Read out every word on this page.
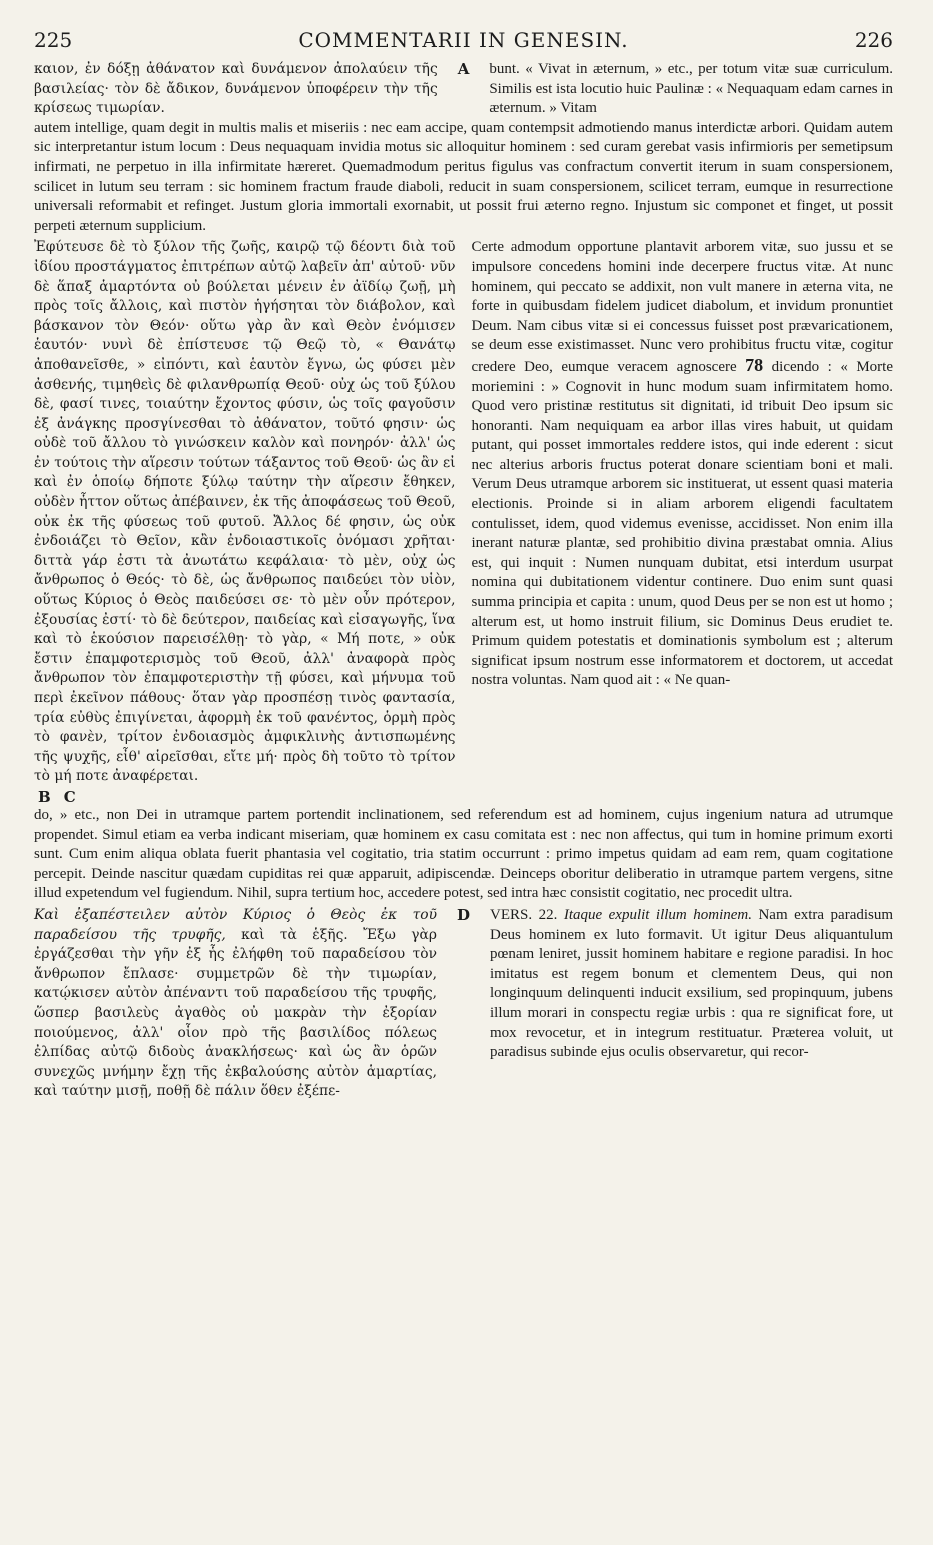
225	COMMENTARII IN GENESIN.	226

καιον, ἐν δόξῃ ἀθάνατον καὶ δυνάμενον ἀπολαύειν τῆς βασιλείας· τὸν δὲ ἄδικον, δυνάμενον ὑποφέρειν τὴν τῆς κρίσεως τιμωρίαν.

A bunt. « Vivat in æternum, » etc., per totum vitæ suæ curriculum. Similis est ista locutio huic Paulinæ : « Nequaquam edam carnes in æternum. » Vitam

autem intellige, quam degit in multis malis et miseriis : nec eam accipe, quam contempsit admotiendo manus interdictæ arbori. Quidam autem sic interpretantur istum locum : Deus nequaquam invidia motus sic alloquitur hominem : sed curam gerebat vasis infirmioris per semetipsum infirmati, ne perpetuo in illa infirmitate hæreret. Quemadmodum peritus figulus vas confractum convertit iterum in suam conspersionem, scilicet in lutum seu terram : sic hominem fractum fraude diaboli, reducit in suam conspersionem, scilicet terram, eumque in resurrectione universali reformabit et refinget. Justum gloria immortali exornabit, ut possit frui æterno regno. Injustum sic componet et finget, ut possit perpeti æternum supplicium.

Ἐφύτευσε δὲ τὸ ξύλον τῆς ζωῆς, καιρῷ τῷ δέοντι διὰ τοῦ ἰδίου προστάγματος ἐπιτρέπων αὐτῷ λαβεῖν ἀπ' αὐτοῦ· νῦν δὲ ἅπαξ ἁμαρτόντα οὐ βούλεται μένειν ἐν ἀϊδίῳ ζωῇ, μὴ πρὸς τοῖς ἄλλοις, καὶ πιστὸν ἡγήσηται τὸν διάβολον, καὶ βάσκανον τὸν Θεόν· οὕτω γὰρ ἂν καὶ Θεὸν ἐνόμισεν ἑαυτόν· νυνὶ δὲ ἐπίστευσε τῷ Θεῷ τὸ, « Θανάτῳ ἀποθανεῖσθε, » εἰπόντι, καὶ ἑαυτὸν ἔγνω, ὡς φύσει μὲν ἀσθενής, τιμηθεὶς δὲ φιλανθρωπίᾳ Θεοῦ· οὐχ ὡς τοῦ ξύλου δὲ, φασί τινες, τοιαύτην ἔχοντος φύσιν, ὡς τοῖς φαγοῦσιν ἐξ ἀνάγκης προσγίνεσθαι τὸ ἀθάνατον, τοῦτό φησιν· ὡς οὐδὲ τοῦ ἄλλου τὸ γινώσκειν καλὸν καὶ πονηρόν· ἀλλ' ὡς ἐν τούτοις τὴν αἵρεσιν τούτων τάξαντος τοῦ Θεοῦ· ὡς ἂν εἰ καὶ ἐν ὁποίῳ δήποτε ξύλῳ ταύτην τὴν αἵρεσιν ἔθηκεν, οὐδὲν ἧττον οὕτως ἀπέβαινεν, ἐκ τῆς ἀποφάσεως τοῦ Θεοῦ, οὐκ ἐκ τῆς φύσεως τοῦ φυτοῦ. Ἄλλος δέ φησιν, ὡς οὐκ ἐνδοιάζει τὸ Θεῖον, κἂν ἐνδοιαστικοῖς ὀνόμασι χρῆται· διττὰ γάρ ἐστι τὰ ἀνωτάτω κεφάλαια· τὸ μὲν, οὐχ ὡς ἄνθρωπος ὁ Θεός· τὸ δὲ, ὡς ἄνθρωπος παιδεύει τὸν υἱὸν, οὕτως Κύριος ὁ Θεὸς παιδεύσει σε· τὸ μὲν οὖν πρότερον, ἐξουσίας ἐστί· τὸ δὲ δεύτερον, παιδείας καὶ εἰσαγωγῆς, ἵνα καὶ τὸ ἑκούσιον παρεισέλθῃ· τὸ γὰρ, « Μή ποτε, » οὐκ ἔστιν ἐπαμφοτερισμὸς τοῦ Θεοῦ, ἀλλ' ἀναφορὰ πρὸς ἄνθρωπον τὸν ἐπαμφοτεριστὴν τῇ φύσει, καὶ μήνυμα τοῦ περὶ ἐκεῖνον πάθους· ὅταν γὰρ προσπέσῃ τινὸς φαντασία, τρία εὐθὺς ἐπιγίνεται, ἀφορμὴ ἐκ τοῦ φανέντος, ὁρμὴ πρὸς τὸ φανὲν, τρίτον ἐνδοιασμὸς ἀμφικλινὴς ἀντισπωμένης τῆς ψυχῆς, εἶθ' αἱρεῖσθαι, εἴτε μή· πρὸς δὴ τοῦτο τὸ τρίτον τὸ μή ποτε ἀναφέρεται.

B C

Certe admodum opportune plantavit arborem vitæ, suo jussu et se impulsore concedens homini inde decerpere fructus vitæ. At nunc hominem, qui peccato se addixit, non vult manere in æterna vita, ne forte in quibusdam fidelem judicet diabolum, et invidum pronuntiet Deum. Nam cibus vitæ si ei concessus fuisset post prævaricationem, se deum esse existimasset. Nunc vero prohibitus fructu vitæ, cogitur credere Deo, eumque veracem agnoscere 78 dicendo : « Morte moriemini : » Cognovit in hunc modum suam infirmitatem homo. Quod vero pristinæ restitutus sit dignitati, id tribuit Deo ipsum sic honoranti. Nam nequiquam ea arbor illas vires habuit, ut quidam putant, qui posset immortales reddere istos, qui inde ederent : sicut nec alterius arboris fructus poterat donare scientiam boni et mali. Verum Deus utramque arborem sic instituerat, ut essent quasi materia electionis. Proinde si in aliam arborem eligendi facultatem contulisset, idem, quod videmus evenisse, accidisset. Non enim illa inerant naturæ plantæ, sed prohibitio divina præstabat omnia. Alius est, qui inquit : Numen nunquam dubitat, etsi interdum usurpat nomina qui dubitationem videntur continere. Duo enim sunt quasi summa principia et capita : unum, quod Deus per se non est ut homo ; alterum est, ut homo instruit filium, sic Dominus Deus erudiet te. Primum quidem potestatis et dominationis symbolum est ; alterum significat ipsum nostrum esse informatorem et doctorem, ut accedat nostra voluntas. Nam quod ait : « Ne quan-

do, » etc., non Dei in utramque partem portendit inclinationem, sed referendum est ad hominem, cujus ingenium natura ad utrumque propendet. Simul etiam ea verba indicant miseriam, quæ hominem ex casu comitata est : nec non affectus, qui tum in homine primum exorti sunt. Cum enim aliqua oblata fuerit phantasia vel cogitatio, tria statim occurrunt : primo impetus quidam ad eam rem, quam cogitatione percepit. Deinde nascitur quædam cupiditas rei quæ apparuit, adipiscendæ. Deinceps oboritur deliberatio in utramque partem vergens, sitne illud expetendum vel fugiendum. Nihil, supra tertium hoc, accedere potest, sed intra hæc consistit cogitatio, nec procedit ultra.

Καὶ ἐξαπέστειλεν αὐτὸν Κύριος ὁ Θεὸς ἐκ τοῦ παραδείσου τῆς τρυφῆς, καὶ τὰ ἑξῆς. Ἔξω γὰρ ἐργάζεσθαι τὴν γῆν ἐξ ἧς ἐλήφθη τοῦ παραδείσου τὸν ἄνθρωπον ἔπλασε· συμμετρῶν δὲ τὴν τιμωρίαν, κατῴκισεν αὐτὸν ἀπέναντι τοῦ παραδείσου τῆς τρυφῆς, ὥσπερ βασιλεὺς ἀγαθὸς οὐ μακρὰν τὴν ἐξορίαν ποιούμενος, ἀλλ' οἷον πρὸ τῆς βασιλίδος πόλεως ἐλπίδας αὐτῷ διδοὺς ἀνακλήσεως· καὶ ὡς ἂν ὁρῶν συνεχῶς μνήμην ἔχῃ τῆς ἐκβαλούσης αὐτὸν ἁμαρτίας, καὶ ταύτην μισῇ, ποθῇ δὲ πάλιν ὅθεν ἐξέπε-

D VERS. 22. Itaque expulit illum hominem. Nam extra paradisum Deus hominem ex luto formavit. Ut igitur Deus aliquantulum pœnam leniret, jussit hominem habitare e regione paradisi. In hoc imitatus est regem bonum et clementem Deus, qui non longinquum delinquenti inducit exsilium, sed propinquum, jubens illum morari in conspectu regiæ urbis : qua re significat fore, ut mox revocetur, et in integrum restituatur. Præterea voluit, ut paradisus subinde ejus oculis observaretur, qui recor-
